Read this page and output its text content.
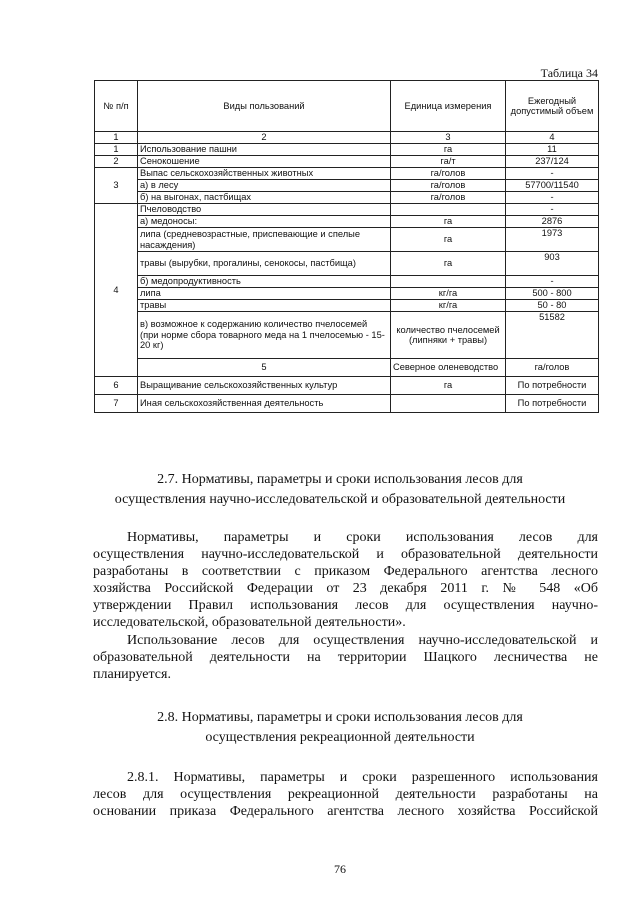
Таблица 34
№ п/п	Виды пользований	Единица измерения	Ежегодный допустимый объем	
1	2	3	4	
1	Использование пашни	га	11	
2	Сенокошение	га/т	237/124	
3	Выпас сельскохозяйственных животных	га/голов	-	
	а) в лесу	га/голов	57700/11540	
	б) на выгонах, пастбищах	га/голов	-	
4	Пчеловодство		-	
	а) медоносы:	га	2876	
	липа (средневозрастные, приспевающие и спелые насаждения)	га	1973	
	травы (вырубки, прогалины, сенокосы, пастбища)	га	903	
	б) медопродуктивность		-	
	липа	кг/га	500 - 800	
	травы	кг/га	50 - 80	
	в) возможное к содержанию количество пчелосемей (при норме сбора товарного меда на 1 пчелосемью - 15-20 кг)	количество пчелосемей (липняки + травы)	51582	
	5	Северное оленеводство	га/голов	
6	Выращивание сельскохозяйственных культур	га	По потребности	
7	Иная сельскохозяйственная деятельность		По потребности	
2.7. Нормативы, параметры и сроки использования лесов для
осуществления научно-исследовательской и образовательной деятельности
Нормативы, параметры и сроки использования лесов для
осуществления научно-исследовательской и образовательной деятельности
разработаны в соответствии с приказом Федерального агентства лесного
хозяйства Российской Федерации от 23 декабря 2011 г. № 548 «Об
утверждении Правил использования лесов для осуществления научно-
исследовательской, образовательной деятельности».
Использование лесов для осуществления научно-исследовательской и
образовательной деятельности на территории Шацкого лесничества не
планируется.
2.8. Нормативы, параметры и сроки использования лесов для
осуществления рекреационной деятельности
2.8.1. Нормативы, параметры и сроки разрешенного использования
лесов для осуществления рекреационной деятельности разработаны на
основании приказа Федерального агентства лесного хозяйства Российской
76
